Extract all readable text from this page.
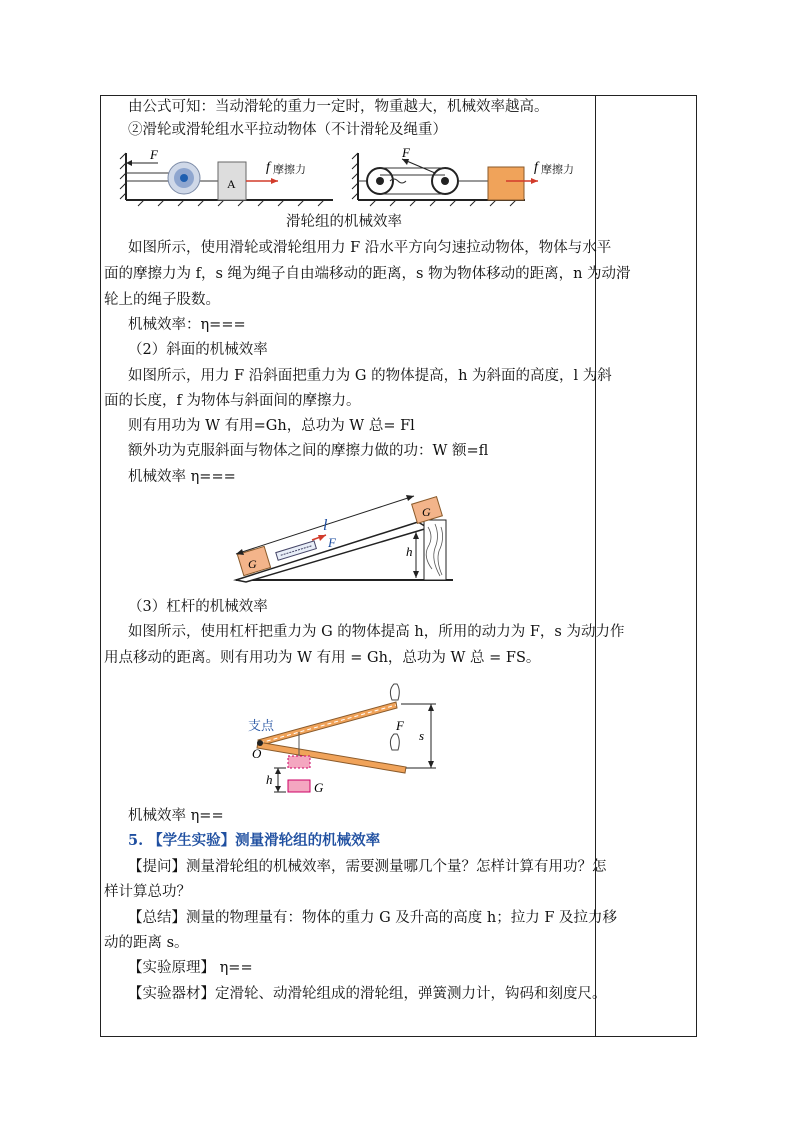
由公式可知：当动滑轮的重力一定时，物重越大，机械效率越高。
②滑轮或滑轮组水平拉动物体（不计滑轮及绳重）
F
A
f 摩擦力
F
f 摩擦力
滑轮组的机械效率
如图所示，使用滑轮或滑轮组用力 F 沿水平方向匀速拉动物体，物体与水平
面的摩擦力为 f，s 绳为绳子自由端移动的距离，s 物为物体移动的距离，n 为动滑
轮上的绳子股数。
机械效率：η===
（2）斜面的机械效率
如图所示，用力 F 沿斜面把重力为 G 的物体提高，h 为斜面的高度，l 为斜
面的长度，f 为物体与斜面间的摩擦力。
则有用功为 W 有用=Gh，总功为 W 总= Fl
额外功为克服斜面与物体之间的摩擦力做的功：W 额=fl
机械效率 η===
l
F
G
G
h
（3）杠杆的机械效率
如图所示，使用杠杆把重力为 G 的物体提高 h，所用的动力为 F，s 为动力作
用点移动的距离。则有用功为 W 有用 = Gh，总功为 W 总 = FS。
支点
O
F
s
h
G
机械效率 η==
5. 【学生实验】测量滑轮组的机械效率
【提问】测量滑轮组的机械效率，需要测量哪几个量？怎样计算有用功？怎
样计算总功？
【总结】测量的物理量有：物体的重力 G 及升高的高度 h；拉力 F 及拉力移
动的距离 s。
【实验原理】 η==
【实验器材】定滑轮、动滑轮组成的滑轮组，弹簧测力计，钩码和刻度尺。
